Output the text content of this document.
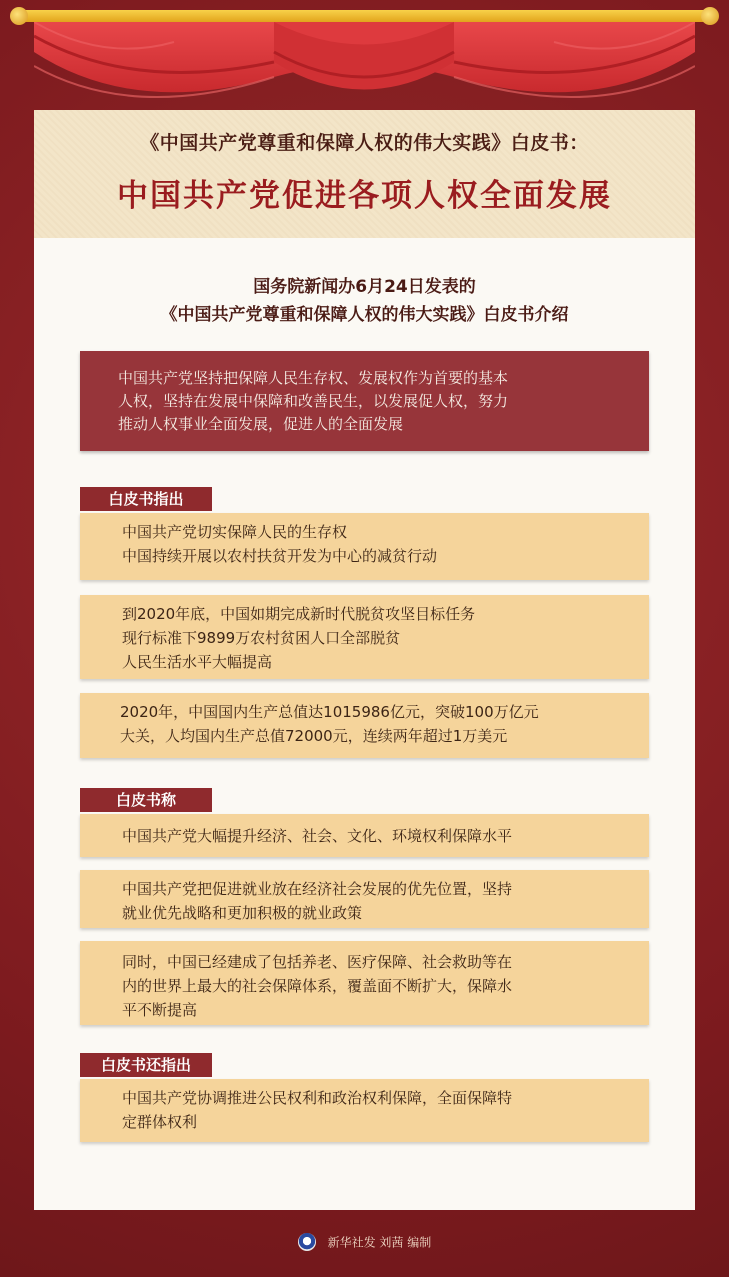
《中国共产党尊重和保障人权的伟大实践》白皮书：
中国共产党促进各项人权全面发展
国务院新闻办6月24日发表的
《中国共产党尊重和保障人权的伟大实践》白皮书介绍
中国共产党坚持把保障人民生存权、发展权作为首要的基本
人权，坚持在发展中保障和改善民生，以发展促人权，努力
推动人权事业全面发展，促进人的全面发展
白皮书指出
中国共产党切实保障人民的生存权
中国持续开展以农村扶贫开发为中心的减贫行动
到2020年底，中国如期完成新时代脱贫攻坚目标任务
现行标准下9899万农村贫困人口全部脱贫
人民生活水平大幅提高
2020年，中国国内生产总值达1015986亿元，突破100万亿元
大关，人均国内生产总值72000元，连续两年超过1万美元
白皮书称
中国共产党大幅提升经济、社会、文化、环境权利保障水平
中国共产党把促进就业放在经济社会发展的优先位置，坚持
就业优先战略和更加积极的就业政策
同时，中国已经建成了包括养老、医疗保障、社会救助等在
内的世界上最大的社会保障体系，覆盖面不断扩大，保障水
平不断提高
白皮书还指出
中国共产党协调推进公民权利和政治权利保障，全面保障特
定群体权利
新华社发 刘茜 编制
